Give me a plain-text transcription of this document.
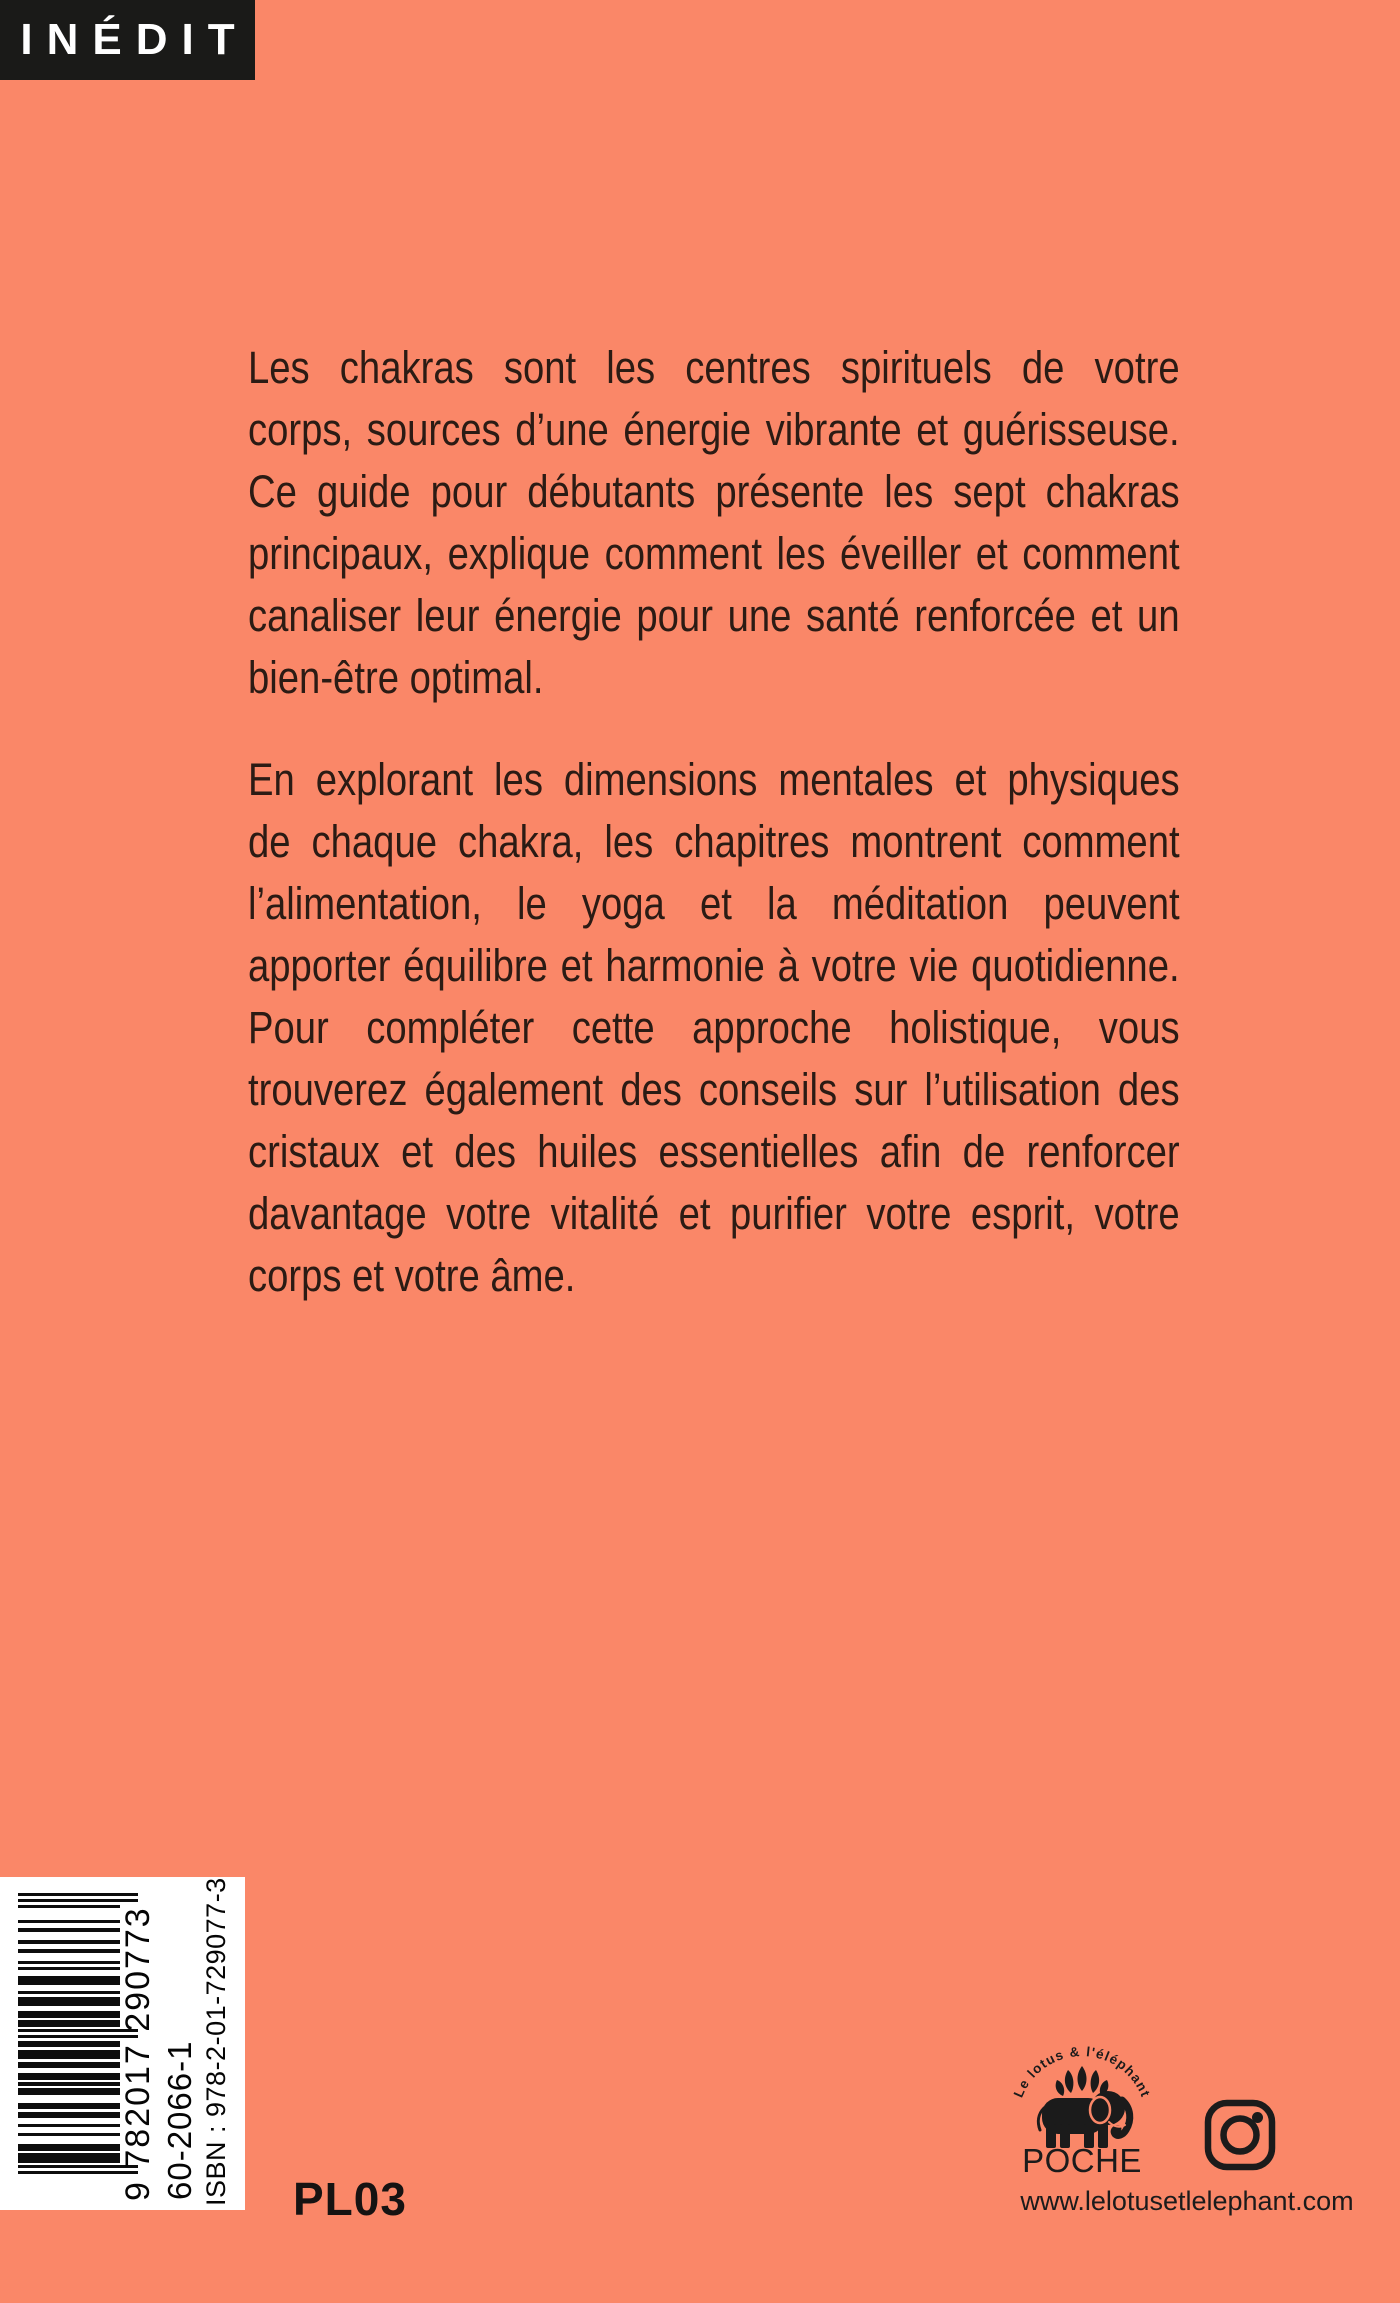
INÉDIT
Les chakras sont les centres spirituels de votre
corps, sources d’une énergie vibrante et guérisseuse.
Ce guide pour débutants présente les sept chakras
principaux, explique comment les éveiller et comment
canaliser leur énergie pour une santé renforcée et un
bien-être optimal.
En explorant les dimensions mentales et physiques
de chaque chakra, les chapitres montrent comment
l’alimentation, le yoga et la méditation peuvent
apporter équilibre et harmonie à votre vie quotidienne.
Pour compléter cette approche holistique, vous
trouverez également des conseils sur l’utilisation des
cristaux et des huiles essentielles afin de renforcer
davantage votre vitalité et purifier votre esprit, votre
corps et votre âme.
9 782017 290773 60-2066-1 ISBN : 978-2-01-729077-3 PL03
Le lotus & l'éléphant
POCHE
www.lelotusetlelephant.com
